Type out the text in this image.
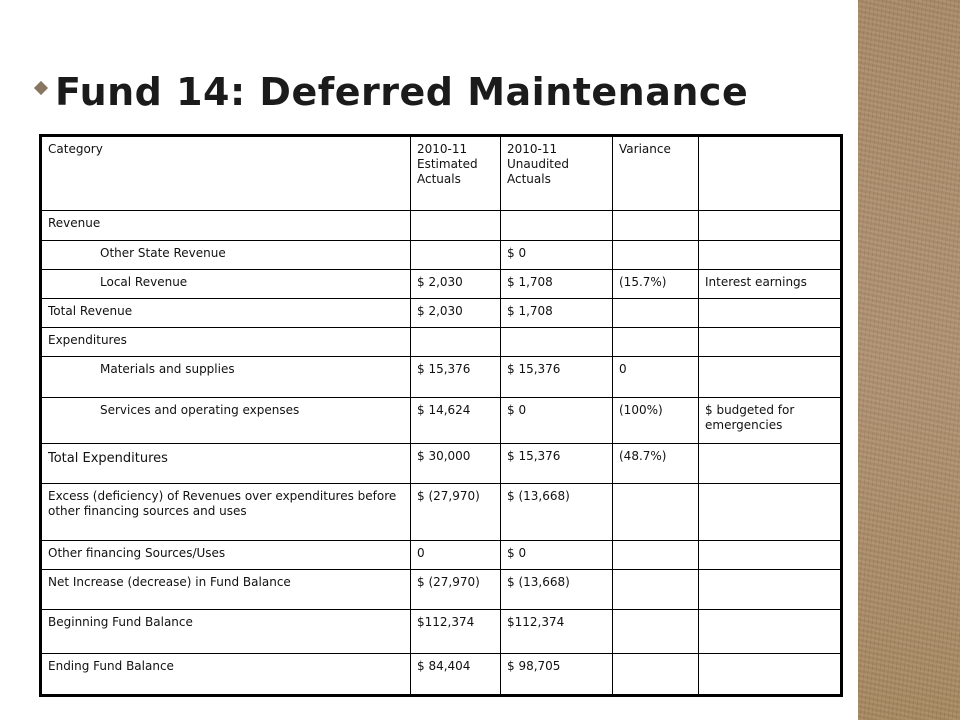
Fund 14: Deferred Maintenance
Category	2010-11 Estimated Actuals	2010-11 Unaudited Actuals	Variance	
Revenue				
Other State Revenue		$ 0		
Local Revenue	$ 2,030	$ 1,708	(15.7%)	Interest earnings
Total Revenue	$ 2,030	$ 1,708		
Expenditures				
Materials and supplies	$ 15,376	$ 15,376	0	
Services and operating expenses	$ 14,624	$ 0	(100%)	$ budgeted for emergencies
Total Expenditures	$ 30,000	$ 15,376	(48.7%)	
Excess (deficiency) of Revenues over expenditures before other financing sources and uses	$ (27,970)	$ (13,668)		
Other financing Sources/Uses	0	$ 0		
Net Increase (decrease) in Fund Balance	$ (27,970)	$ (13,668)		
Beginning Fund Balance	$112,374	$112,374		
Ending Fund Balance	$ 84,404	$ 98,705		
